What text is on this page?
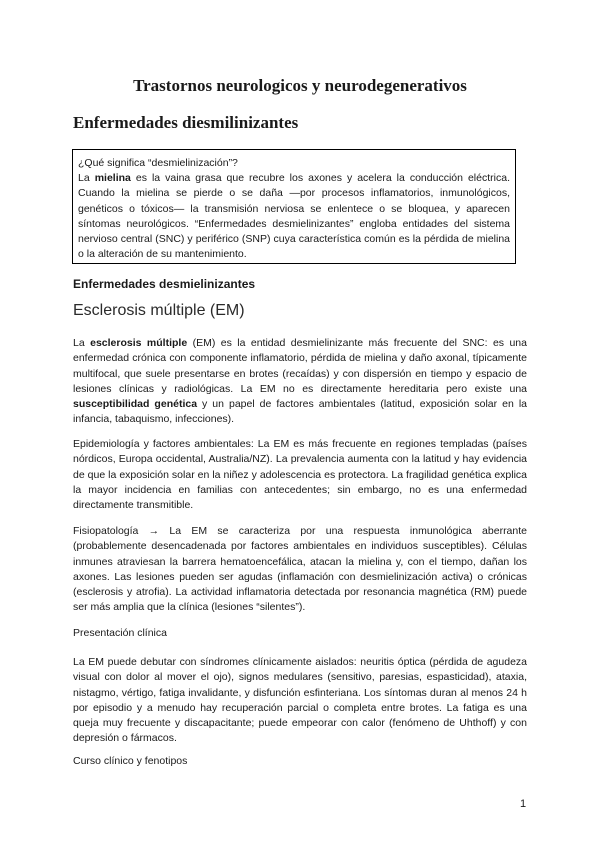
Trastornos neurologicos y neurodegenerativos
Enfermedades diesmilinizantes

¿Qué significa “desmielinización”?

La mielina es la vaina grasa que recubre los axones y acelera la conducción eléctrica. Cuando la mielina se pierde o se daña —por procesos inflamatorios, inmunológicos, genéticos o tóxicos— la transmisión nerviosa se enlentece o se bloquea, y aparecen síntomas neurológicos. “Enfermedades desmielinizantes” engloba entidades del sistema nervioso central (SNC) y periférico (SNP) cuya característica común es la pérdida de mielina o la alteración de su mantenimiento.

Enfermedades desmielinizantes
Esclerosis múltiple (EM)

La esclerosis múltiple (EM) es la entidad desmielinizante más frecuente del SNC: es una enfermedad crónica con componente inflamatorio, pérdida de mielina y daño axonal, típicamente multifocal, que suele presentarse en brotes (recaídas) y con dispersión en tiempo y espacio de lesiones clínicas y radiológicas. La EM no es directamente hereditaria pero existe una susceptibilidad genética y un papel de factores ambientales (latitud, exposición solar en la infancia, tabaquismo, infecciones).

Epidemiología y factores ambientales: La EM es más frecuente en regiones templadas (países nórdicos, Europa occidental, Australia/NZ). La prevalencia aumenta con la latitud y hay evidencia de que la exposición solar en la niñez y adolescencia es protectora. La fragilidad genética explica la mayor incidencia en familias con antecedentes; sin embargo, no es una enfermedad directamente transmitible.

Fisiopatología → La EM se caracteriza por una respuesta inmunológica aberrante (probablemente desencadenada por factores ambientales en individuos susceptibles). Células inmunes atraviesan la barrera hematoencefálica, atacan la mielina y, con el tiempo, dañan los axones. Las lesiones pueden ser agudas (inflamación con desmielinización activa) o crónicas (esclerosis y atrofia). La actividad inflamatoria detectada por resonancia magnética (RM) puede ser más amplia que la clínica (lesiones “silentes”).

Presentación clínica

La EM puede debutar con síndromes clínicamente aislados: neuritis óptica (pérdida de agudeza visual con dolor al mover el ojo), signos medulares (sensitivo, paresias, espasticidad), ataxia, nistagmo, vértigo, fatiga invalidante, y disfunción esfinteriana. Los síntomas duran al menos 24 h por episodio y a menudo hay recuperación parcial o completa entre brotes. La fatiga es una queja muy frecuente y discapacitante; puede empeorar con calor (fenómeno de Uhthoff) y con depresión o fármacos.

Curso clínico y fenotipos

1
